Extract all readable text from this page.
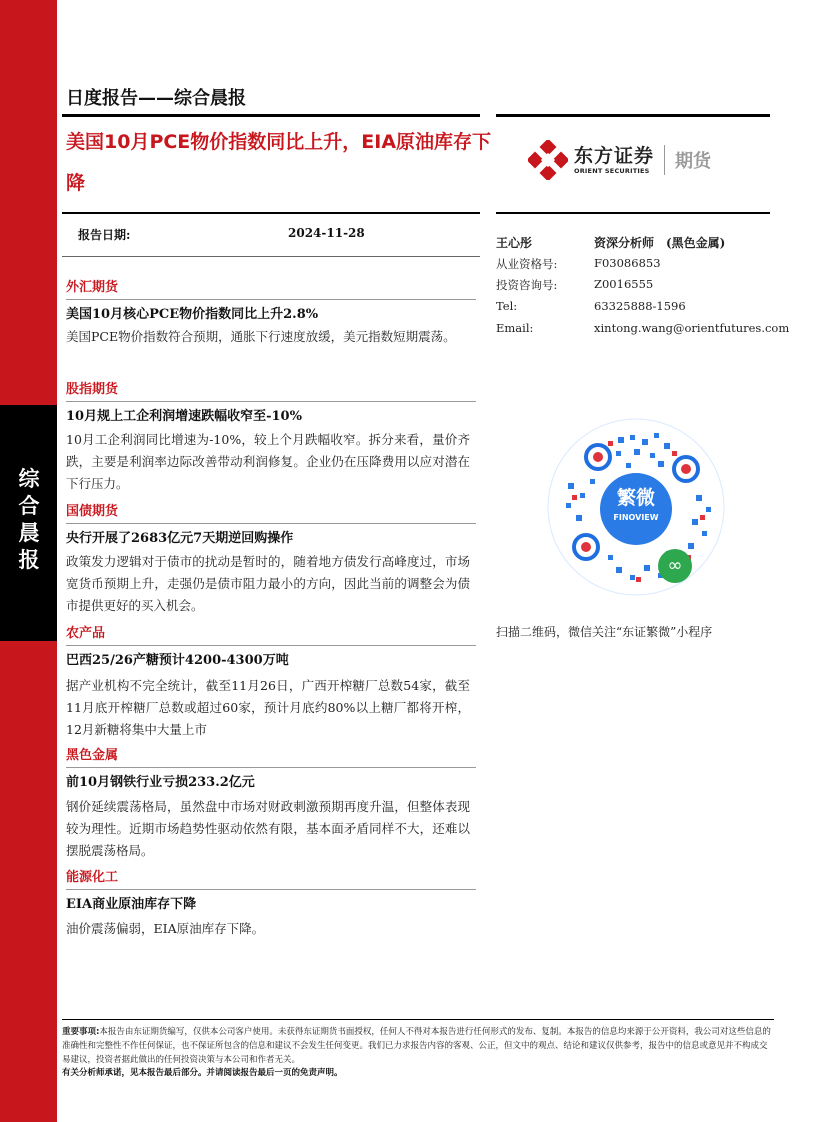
综合晨报
日度报告——综合晨报
美国10月PCE物价指数同比上升，EIA原油库存下降
东方证券
ORIENT SECURITIES 期货
报告日期:	2024-11-28
外汇期货
美国10月核心PCE物价指数同比上升2.8%
美国PCE物价指数符合预期，通胀下行速度放缓，美元指数短期震荡。
股指期货
10月规上工企利润增速跌幅收窄至-10%
10月工企利润同比增速为-10%，较上个月跌幅收窄。拆分来看，量价齐跌，主要是利润率边际改善带动利润修复。企业仍在压降费用以应对潜在下行压力。
国债期货
央行开展了2683亿元7天期逆回购操作
政策发力逻辑对于债市的扰动是暂时的，随着地方债发行高峰度过，市场宽货币预期上升，走强仍是债市阻力最小的方向，因此当前的调整会为债市提供更好的买入机会。
农产品
巴西25/26产糖预计4200-4300万吨
据产业机构不完全统计，截至11月26日，广西开榨糖厂总数54家，截至11月底开榨糖厂总数或超过60家，预计月底约80%以上糖厂都将开榨，12月新糖将集中大量上市
黑色金属
前10月钢铁行业亏损233.2亿元
钢价延续震荡格局，虽然盘中市场对财政刺激预期再度升温，但整体表现较为理性。近期市场趋势性驱动依然有限，基本面矛盾同样不大，还难以摆脱震荡格局。
能源化工
EIA商业原油库存下降
油价震荡偏弱，EIA原油库存下降。
王心彤	资深分析师　(黑色金属)
从业资格号:	F03086853
投资咨询号:	Z0016555
Tel:	63325888-1596
Email:	xintong.wang@orientfutures.com
繁微
FINOVIEW
∞
扫描二维码，微信关注“东证繁微”小程序
重要事项:本报告由东证期货编写，仅供本公司客户使用。未获得东证期货书面授权，任何人不得对本报告进行任何形式的发布、复制。本报告的信息均来源于公开资料，我公司对这些信息的准确性和完整性不作任何保证，也不保证所包含的信息和建议不会发生任何变更。我们已力求报告内容的客观、公正，但文中的观点、结论和建议仅供参考，报告中的信息或意见并不构成交易建议，投资者据此做出的任何投资决策与本公司和作者无关。
有关分析师承诺，见本报告最后部分。并请阅读报告最后一页的免责声明。
